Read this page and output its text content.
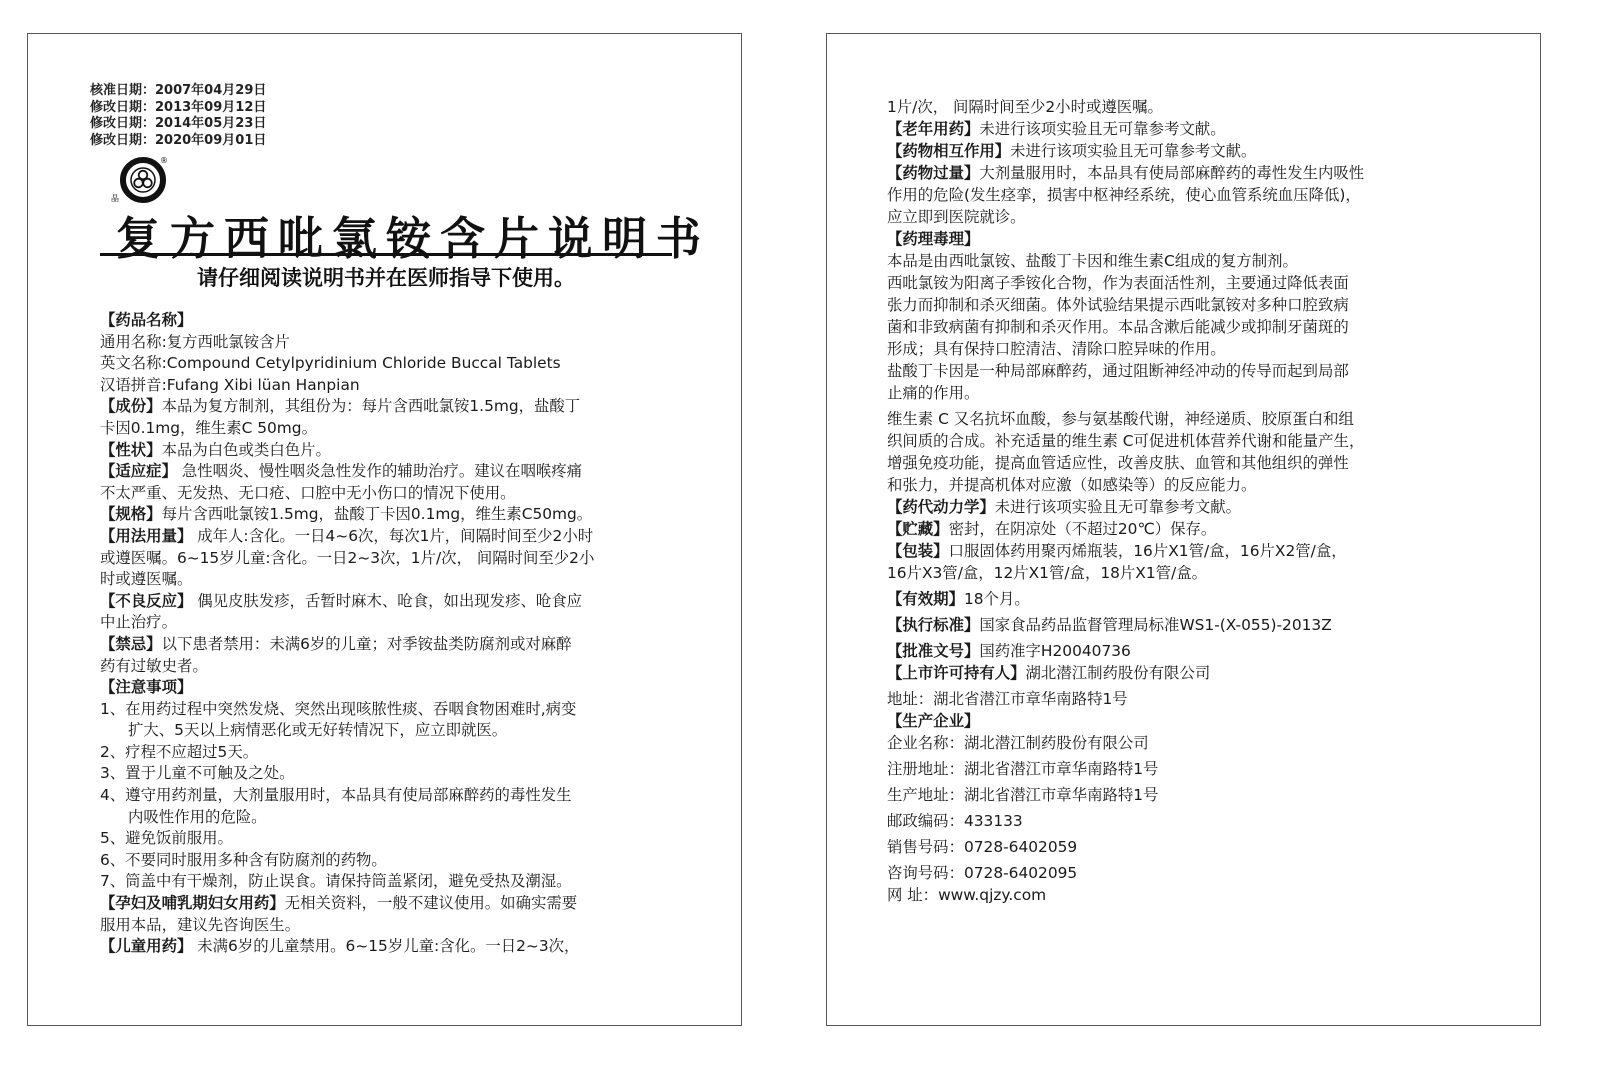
核准日期：2007年04月29日
修改日期：2013年09月12日
修改日期：2014年05月23日
修改日期：2020年09月01日
晶
®
复方西吡氯铵含片说明书
请仔细阅读说明书并在医师指导下使用。
【药品名称】
通用名称:复方西吡氯铵含片
英文名称:Compound Cetylpyridinium Chloride Buccal Tablets
汉语拼音:Fufang Xibi lüan Hanpian
【成份】本品为复方制剂，其组份为：每片含西吡氯铵1.5mg，盐酸丁
卡因0.1mg，维生素C 50mg。
【性状】本品为白色或类白色片。
【适应症】 急性咽炎、慢性咽炎急性发作的辅助治疗。建议在咽喉疼痛
不太严重、无发热、无口疮、口腔中无小伤口的情况下使用。
【规格】每片含西吡氯铵1.5mg，盐酸丁卡因0.1mg，维生素C50mg。
【用法用量】 成年人:含化。一日4~6次，每次1片，间隔时间至少2小时
或遵医嘱。6~15岁儿童:含化。一日2~3次，1片/次， 间隔时间至少2小
时或遵医嘱。
【不良反应】 偶见皮肤发疹，舌暂时麻木、呛食，如出现发疹、呛食应
中止治疗。
【禁忌】以下患者禁用：未满6岁的儿童；对季铵盐类防腐剂或对麻醉
药有过敏史者。
【注意事项】
1、在用药过程中突然发烧、突然出现咳脓性痰、吞咽食物困难时,病变
扩大、5天以上病情恶化或无好转情况下，应立即就医。
2、疗程不应超过5天。
3、置于儿童不可触及之处。
4、遵守用药剂量，大剂量服用时，本品具有使局部麻醉药的毒性发生
内吸性作用的危险。
5、避免饭前服用。
6、不要同时服用多种含有防腐剂的药物。
7、筒盖中有干燥剂，防止误食。请保持筒盖紧闭，避免受热及潮湿。
【孕妇及哺乳期妇女用药】无相关资料，一般不建议使用。如确实需要
服用本品，建议先咨询医生。
【儿童用药】 未满6岁的儿童禁用。6~15岁儿童:含化。一日2~3次，
1片/次， 间隔时间至少2小时或遵医嘱。
【老年用药】未进行该项实验且无可靠参考文献。
【药物相互作用】未进行该项实验且无可靠参考文献。
【药物过量】大剂量服用时，本品具有使局部麻醉药的毒性发生内吸性
作用的危险(发生痉挛，损害中枢神经系统，使心血管系统血压降低)，
应立即到医院就诊。
【药理毒理】
本品是由西吡氯铵、盐酸丁卡因和维生素C组成的复方制剂。
西吡氯铵为阳离子季铵化合物，作为表面活性剂，主要通过降低表面
张力而抑制和杀灭细菌。体外试验结果提示西吡氯铵对多种口腔致病
菌和非致病菌有抑制和杀灭作用。本品含漱后能减少或抑制牙菌斑的
形成；具有保持口腔清洁、清除口腔异味的作用。
盐酸丁卡因是一种局部麻醉药，通过阻断神经冲动的传导而起到局部
止痛的作用。
维生素 C 又名抗坏血酸，参与氨基酸代谢，神经递质、胶原蛋白和组
织间质的合成。补充适量的维生素 C可促进机体营养代谢和能量产生，
增强免疫功能，提高血管适应性，改善皮肤、血管和其他组织的弹性
和张力，并提高机体对应激（如感染等）的反应能力。
【药代动力学】未进行该项实验且无可靠参考文献。
【贮藏】密封，在阴凉处（不超过20℃）保存。
【包装】口服固体药用聚丙烯瓶装，16片X1管/盒，16片X2管/盒，
16片X3管/盒，12片X1管/盒，18片X1管/盒。
【有效期】18个月。
【执行标准】国家食品药品监督管理局标准WS1-(X-055)-2013Z
【批准文号】国药准字H20040736
【上市许可持有人】湖北潜江制药股份有限公司
地址：湖北省潜江市章华南路特1号
【生产企业】
企业名称：湖北潜江制药股份有限公司
注册地址：湖北省潜江市章华南路特1号
生产地址：湖北省潜江市章华南路特1号
邮政编码：433133
销售号码：0728-6402059
咨询号码：0728-6402095
网 址：www.qjzy.com
